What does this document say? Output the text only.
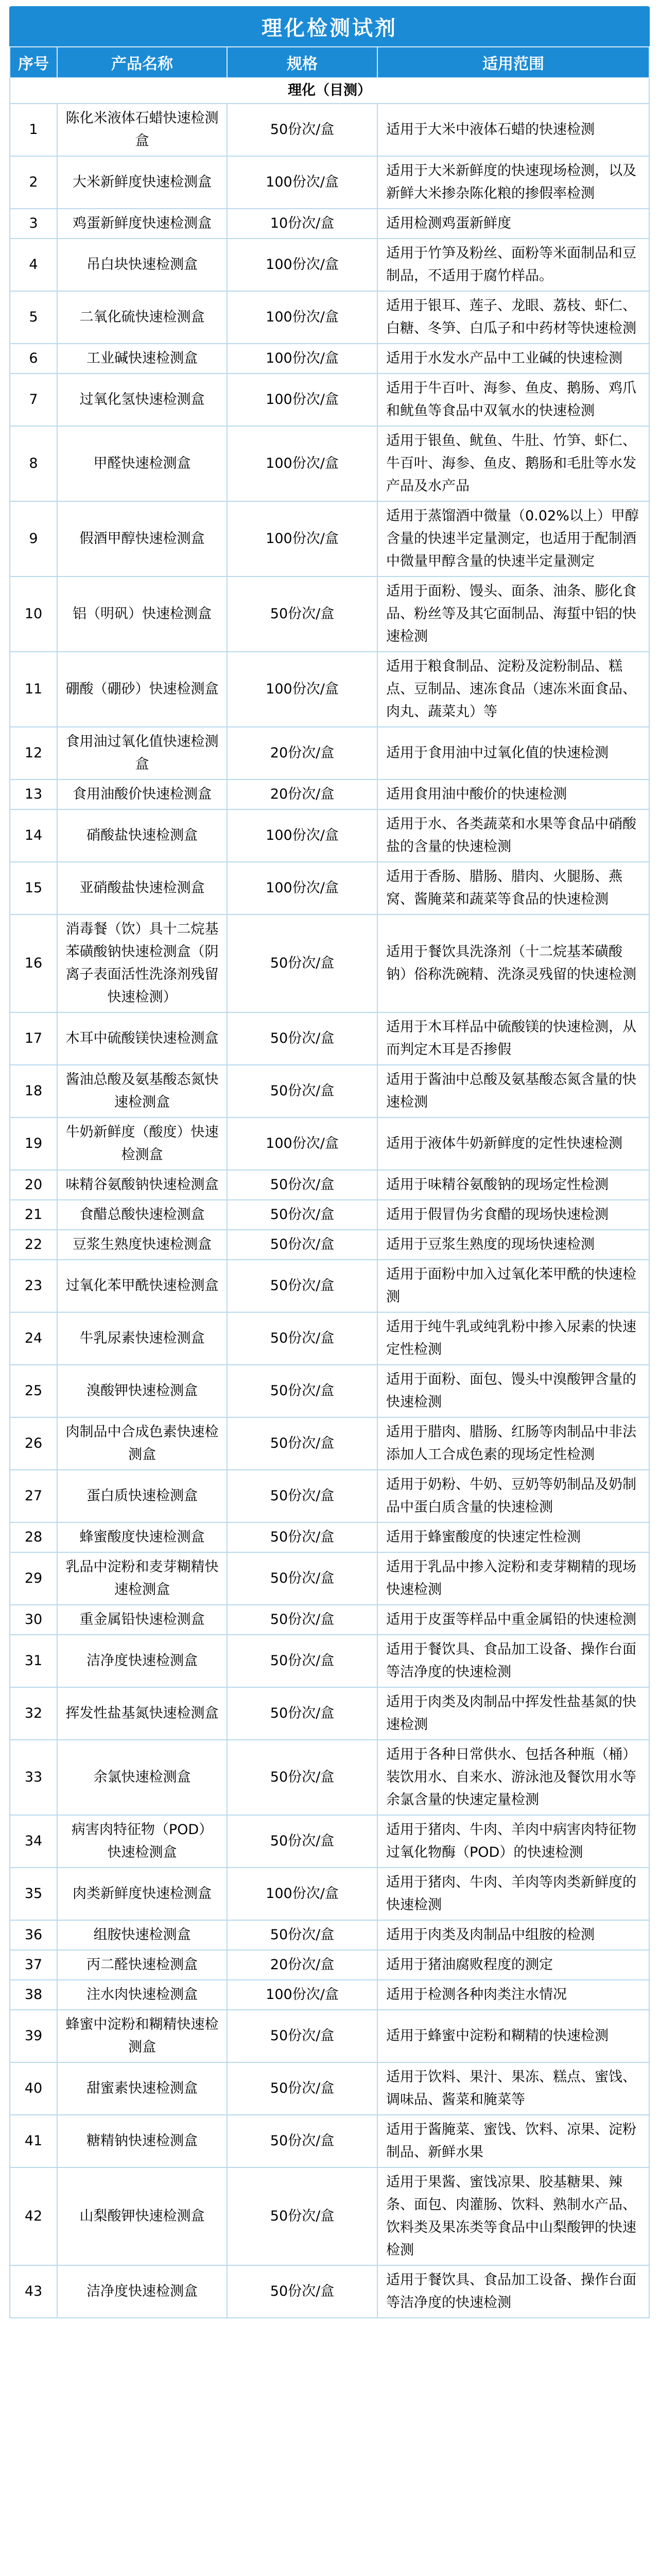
理化检测试剂
序号	产品名称	规格	适用范围
理化（目测）			
1	陈化米液体石蜡快速检测盒	50份次/盒	适用于大米中液体石蜡的快速检测
2	大米新鲜度快速检测盒	100份次/盒	适用于大米新鲜度的快速现场检测，以及新鲜大米掺杂陈化粮的掺假率检测
3	鸡蛋新鲜度快速检测盒	10份次/盒	适用检测鸡蛋新鲜度
4	吊白块快速检测盒	100份次/盒	适用于竹笋及粉丝、面粉等米面制品和豆制品，不适用于腐竹样品。
5	二氧化硫快速检测盒	100份次/盒	适用于银耳、莲子、龙眼、荔枝、虾仁、白糖、冬笋、白瓜子和中药材等快速检测
6	工业碱快速检测盒	100份次/盒	适用于水发水产品中工业碱的快速检测
7	过氧化氢快速检测盒	100份次/盒	适用于牛百叶、海参、鱼皮、鹅肠、鸡爪和鱿鱼等食品中双氧水的快速检测
8	甲醛快速检测盒	100份次/盒	适用于银鱼、鱿鱼、牛肚、竹笋、虾仁、牛百叶、海参、鱼皮、鹅肠和毛肚等水发产品及水产品
9	假酒甲醇快速检测盒	100份次/盒	适用于蒸馏酒中微量（0.02%以上）甲醇含量的快速半定量测定，也适用于配制酒中微量甲醇含量的快速半定量测定
10	铝（明矾）快速检测盒	50份次/盒	适用于面粉、馒头、面条、油条、膨化食品、粉丝等及其它面制品、海蜇中铝的快速检测
11	硼酸（硼砂）快速检测盒	100份次/盒	适用于粮食制品、淀粉及淀粉制品、糕点、豆制品、速冻食品（速冻米面食品、肉丸、蔬菜丸）等
12	食用油过氧化值快速检测盒	20份次/盒	适用于食用油中过氧化值的快速检测
13	食用油酸价快速检测盒	20份次/盒	适用食用油中酸价的快速检测
14	硝酸盐快速检测盒	100份次/盒	适用于水、各类蔬菜和水果等食品中硝酸盐的含量的快速检测
15	亚硝酸盐快速检测盒	100份次/盒	适用于香肠、腊肠、腊肉、火腿肠、燕窝、酱腌菜和蔬菜等食品的快速检测
16	消毒餐（饮）具十二烷基苯磺酸钠快速检测盒（阴离子表面活性洗涤剂残留快速检测）	50份次/盒	适用于餐饮具洗涤剂（十二烷基苯磺酸钠）俗称洗碗精、洗涤灵残留的快速检测
17	木耳中硫酸镁快速检测盒	50份次/盒	适用于木耳样品中硫酸镁的快速检测，从而判定木耳是否掺假
18	酱油总酸及氨基酸态氮快速检测盒	50份次/盒	适用于酱油中总酸及氨基酸态氮含量的快速检测
19	牛奶新鲜度（酸度）快速检测盒	100份次/盒	适用于液体牛奶新鲜度的定性快速检测
20	味精谷氨酸钠快速检测盒	50份次/盒	适用于味精谷氨酸钠的现场定性检测
21	食醋总酸快速检测盒	50份次/盒	适用于假冒伪劣食醋的现场快速检测
22	豆浆生熟度快速检测盒	50份次/盒	适用于豆浆生熟度的现场快速检测
23	过氧化苯甲酰快速检测盒	50份次/盒	适用于面粉中加入过氧化苯甲酰的快速检测
24	牛乳尿素快速检测盒	50份次/盒	适用于纯牛乳或纯乳粉中掺入尿素的快速定性检测
25	溴酸钾快速检测盒	50份次/盒	适用于面粉、面包、馒头中溴酸钾含量的快速检测
26	肉制品中合成色素快速检测盒	50份次/盒	适用于腊肉、腊肠、红肠等肉制品中非法添加人工合成色素的现场定性检测
27	蛋白质快速检测盒	50份次/盒	适用于奶粉、牛奶、豆奶等奶制品及奶制品中蛋白质含量的快速检测
28	蜂蜜酸度快速检测盒	50份次/盒	适用于蜂蜜酸度的快速定性检测
29	乳品中淀粉和麦芽糊精快速检测盒	50份次/盒	适用于乳品中掺入淀粉和麦芽糊精的现场快速检测
30	重金属铅快速检测盒	50份次/盒	适用于皮蛋等样品中重金属铅的快速检测
31	洁净度快速检测盒	50份次/盒	适用于餐饮具、食品加工设备、操作台面等洁净度的快速检测
32	挥发性盐基氮快速检测盒	50份次/盒	适用于肉类及肉制品中挥发性盐基氮的快速检测
33	余氯快速检测盒	50份次/盒	适用于各种日常供水、包括各种瓶（桶）装饮用水、自来水、游泳池及餐饮用水等余氯含量的快速定量检测
34	病害肉特征物（POD）快速检测盒	50份次/盒	适用于猪肉、牛肉、羊肉中病害肉特征物过氧化物酶（POD）的快速检测
35	肉类新鲜度快速检测盒	100份次/盒	适用于猪肉、牛肉、羊肉等肉类新鲜度的快速检测
36	组胺快速检测盒	50份次/盒	适用于肉类及肉制品中组胺的检测
37	丙二醛快速检测盒	20份次/盒	适用于猪油腐败程度的测定
38	注水肉快速检测盒	100份次/盒	适用于检测各种肉类注水情况
39	蜂蜜中淀粉和糊精快速检测盒	50份次/盒	适用于蜂蜜中淀粉和糊精的快速检测
40	甜蜜素快速检测盒	50份次/盒	适用于饮料、果汁、果冻、糕点、蜜饯、调味品、酱菜和腌菜等
41	糖精钠快速检测盒	50份次/盒	适用于酱腌菜、蜜饯、饮料、凉果、淀粉制品、新鲜水果
42	山梨酸钾快速检测盒	50份次/盒	适用于果酱、蜜饯凉果、胶基糖果、辣条、面包、肉灌肠、饮料、熟制水产品、饮料类及果冻类等食品中山梨酸钾的快速检测
43	洁净度快速检测盒	50份次/盒	适用于餐饮具、食品加工设备、操作台面等洁净度的快速检测
